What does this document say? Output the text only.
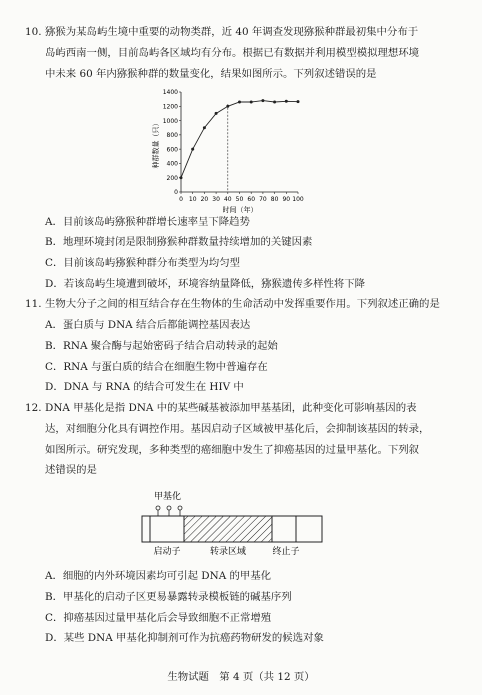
10. 猕猴为某岛屿生境中重要的动物类群，近 40 年调查发现猕猴种群最初集中分布于
岛屿西南一侧，目前岛屿各区域均有分布。根据已有数据并利用模型模拟理想环境
中未来 60 年内猕猴种群的数量变化，结果如图所示。下列叙述错误的是
0
200
400
600
800
1000
1200
1400
0 10 20 30 40 50 60 70 80 90 100
种群数量（只）
时间（年）
A．目前该岛屿猕猴种群增长速率呈下降趋势
B．地理环境封闭是限制猕猴种群数量持续增加的关键因素
C．目前该岛屿猕猴种群分布类型为均匀型
D．若该岛屿生境遭到破坏，环境容纳量降低，猕猴遗传多样性将下降
11. 生物大分子之间的相互结合存在生物体的生命活动中发挥重要作用。下列叙述正确的是
A．蛋白质与 DNA 结合后都能调控基因表达
B．RNA 聚合酶与起始密码子结合启动转录的起始
C．RNA 与蛋白质的结合在细胞生物中普遍存在
D．DNA 与 RNA 的结合可发生在 HIV 中
12. DNA 甲基化是指 DNA 中的某些碱基被添加甲基基团，此种变化可影响基因的表
达，对细胞分化具有调控作用。基因启动子区域被甲基化后，会抑制该基因的转录，
如图所示。研究发现，多种类型的癌细胞中发生了抑癌基因的过量甲基化。下列叙
述错误的是
甲基化
启动子	转录区域	终止子
A．细胞的内外环境因素均可引起 DNA 的甲基化
B．甲基化的启动子区更易暴露转录模板链的碱基序列
C．抑癌基因过量甲基化后会导致细胞不正常增殖
D．某些 DNA 甲基化抑制剂可作为抗癌药物研发的候选对象
生物试题　第 4 页（共 12 页）
